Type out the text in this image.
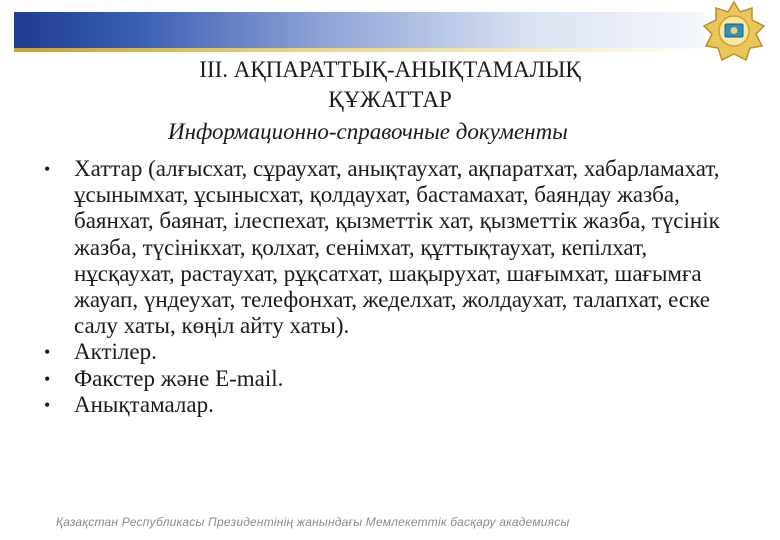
III. АҚПАРАТТЫҚ-АНЫҚТАМАЛЫҚ
ҚҰЖАТТАР
Информационно-справочные документы
• Хаттар (алғысхат, сұраухат, анықтаухат, ақпаратхат, хабарламахат, ұсынымхат, ұсынысхат, қолдаухат, бастамахат, баяндау жазба, баянхат, баянат, ілеспехат, қызметтік хат, қызметтік жазба, түсінік жазба, түсінікхат, қолхат, сенімхат, құттықтаухат, кепілхат, нұсқаухат, растаухат, рұқсатхат, шақырухат, шағымхат, шағымға жауап, үндеухат, телефонхат, жеделхат, жолдаухат, талапхат, еске салу хаты, көңіл айту хаты).
• Актілер.
• Факстер және E-mail.
• Анықтамалар.
Қазақстан Республикасы Президентінің жанындағы Мемлекеттік басқару академиясы
